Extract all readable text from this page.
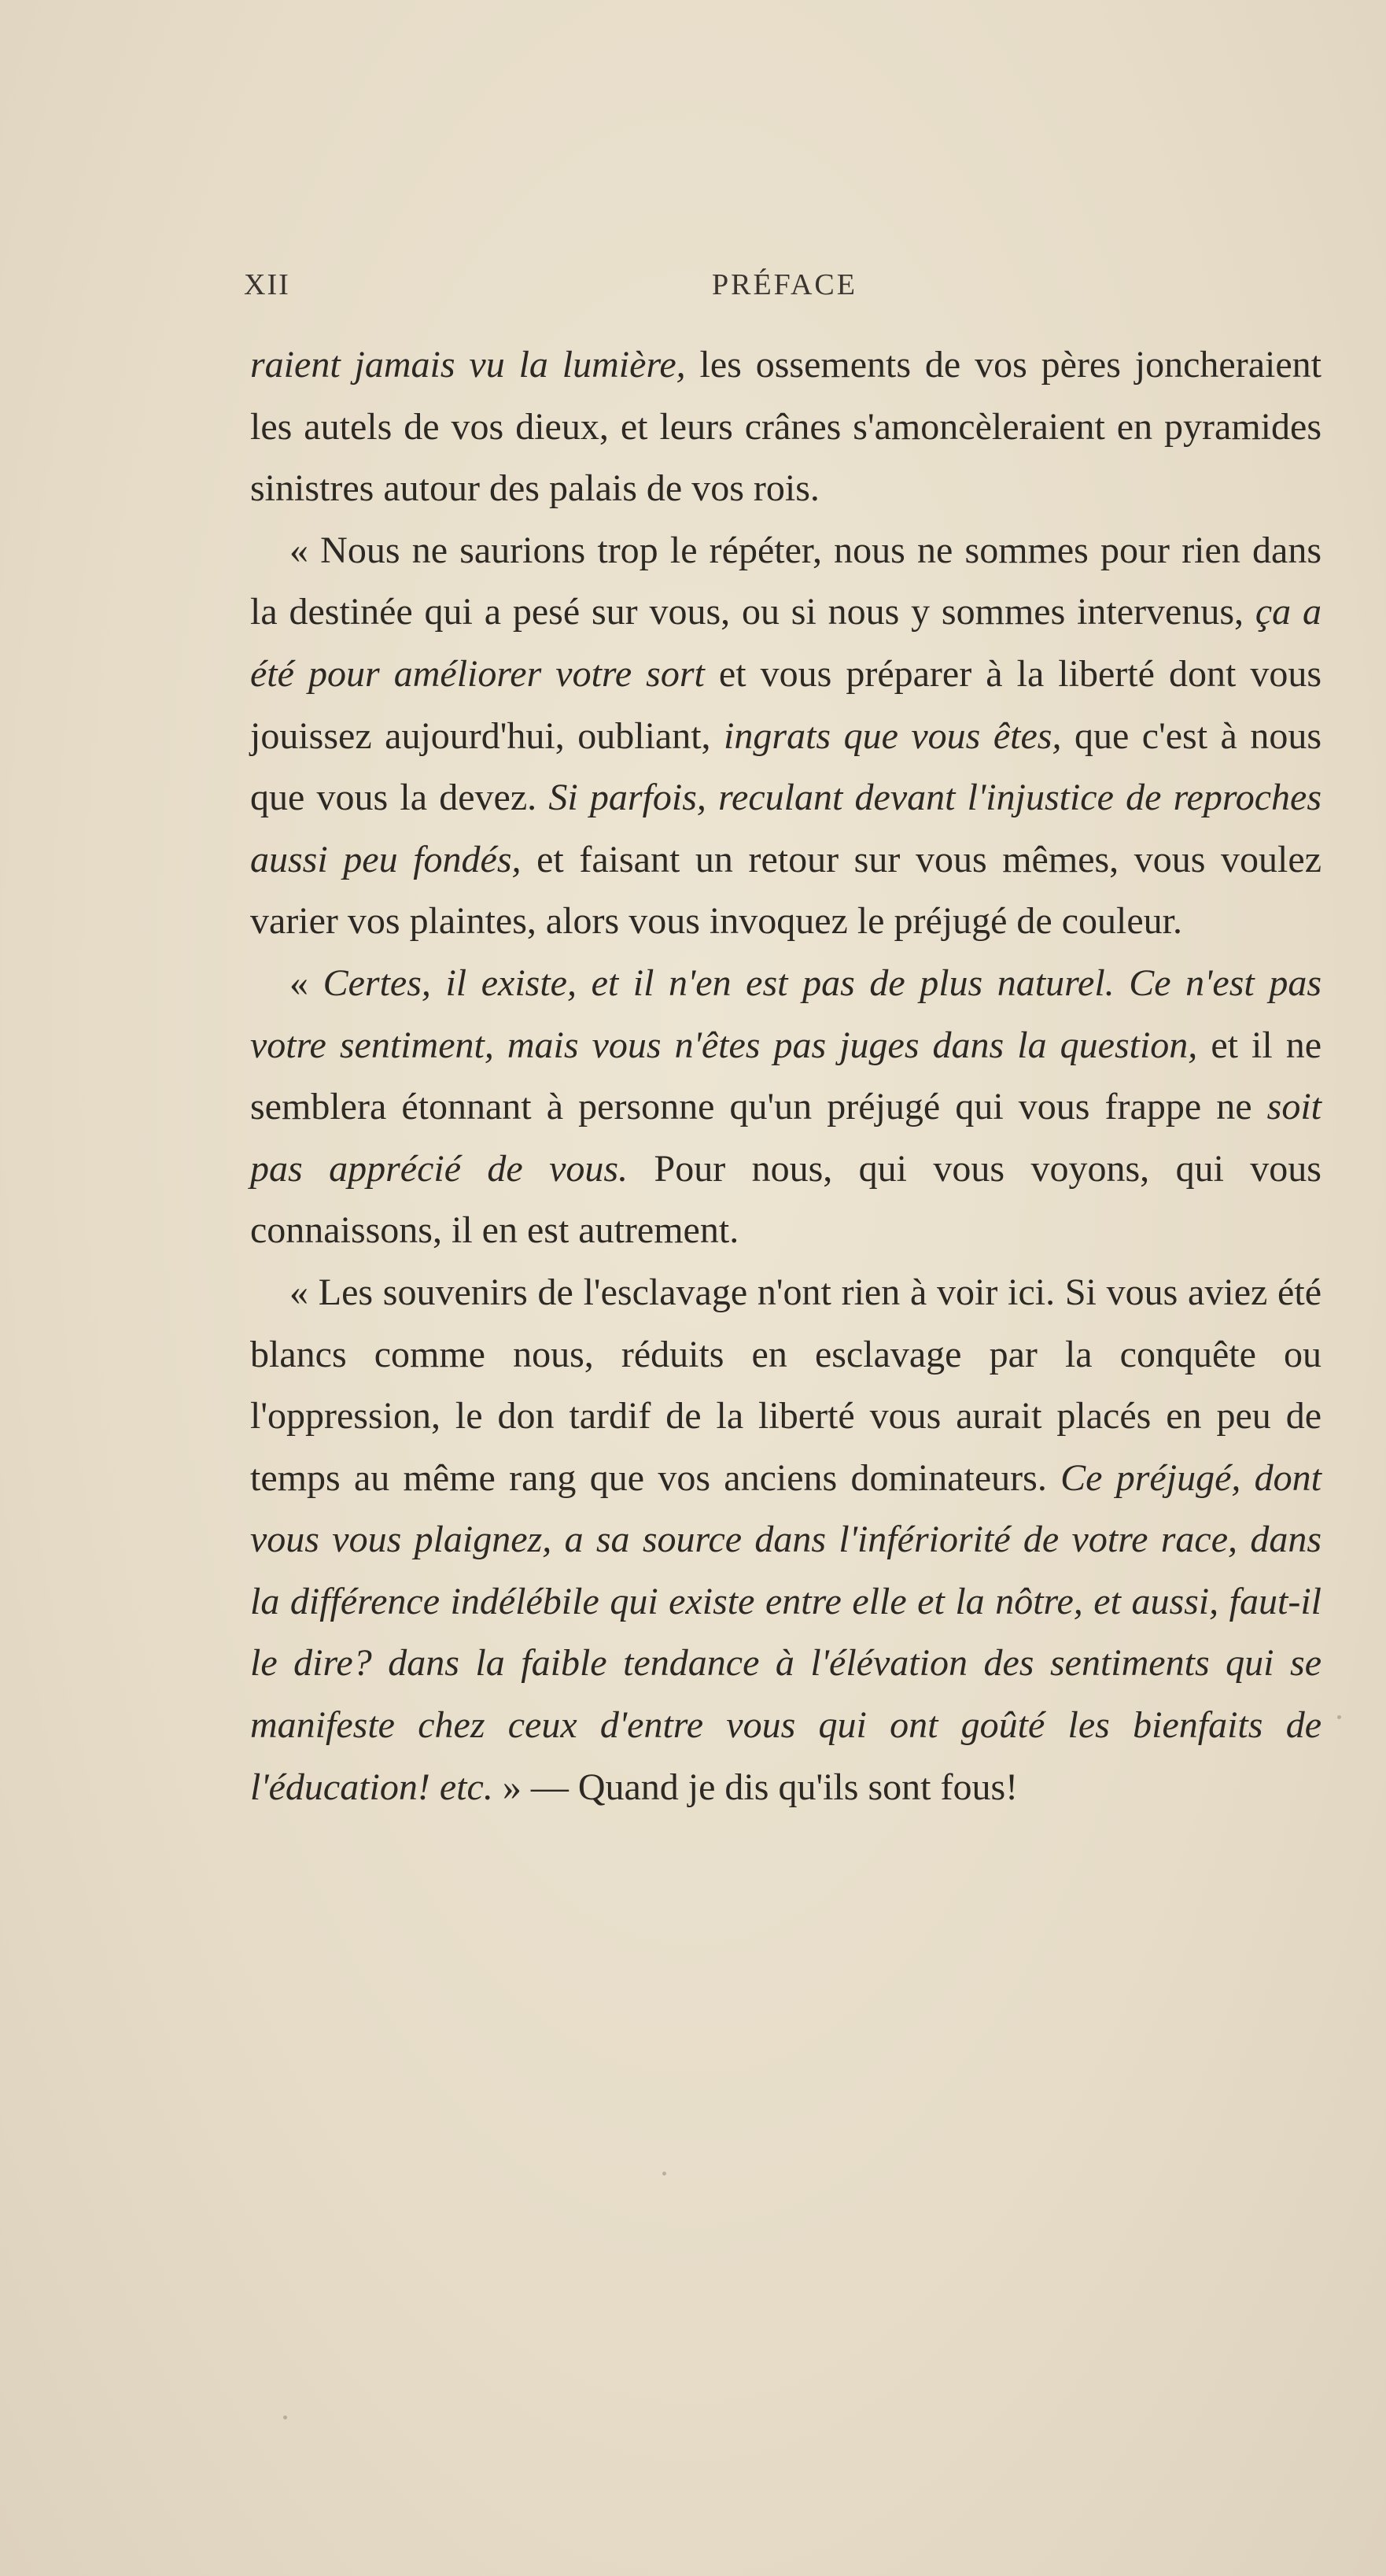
XII	PRÉFACE

raient jamais vu la lumière, les ossements de vos pères joncheraient les autels de vos dieux, et leurs crânes s'amoncèleraient en pyramides sinistres autour des palais de vos rois.

« Nous ne saurions trop le répéter, nous ne sommes pour rien dans la destinée qui a pesé sur vous, ou si nous y sommes intervenus, ça a été pour améliorer votre sort et vous préparer à la liberté dont vous jouissez aujourd'hui, oubliant, ingrats que vous êtes, que c'est à nous que vous la devez. Si parfois, reculant devant l'injustice de reproches aussi peu fondés, et faisant un retour sur vous mêmes, vous voulez varier vos plaintes, alors vous invoquez le préjugé de couleur.

« Certes, il existe, et il n'en est pas de plus naturel. Ce n'est pas votre sentiment, mais vous n'êtes pas juges dans la question, et il ne semblera étonnant à personne qu'un préjugé qui vous frappe ne soit pas apprécié de vous. Pour nous, qui vous voyons, qui vous connaissons, il en est autrement.

« Les souvenirs de l'esclavage n'ont rien à voir ici. Si vous aviez été blancs comme nous, réduits en esclavage par la conquête ou l'oppression, le don tardif de la liberté vous aurait placés en peu de temps au même rang que vos anciens dominateurs. Ce préjugé, dont vous vous plaignez, a sa source dans l'infériorité de votre race, dans la différence indélébile qui existe entre elle et la nôtre, et aussi, faut-il le dire? dans la faible tendance à l'élévation des sentiments qui se manifeste chez ceux d'entre vous qui ont goûté les bienfaits de l'éducation! etc. » — Quand je dis qu'ils sont fous!
